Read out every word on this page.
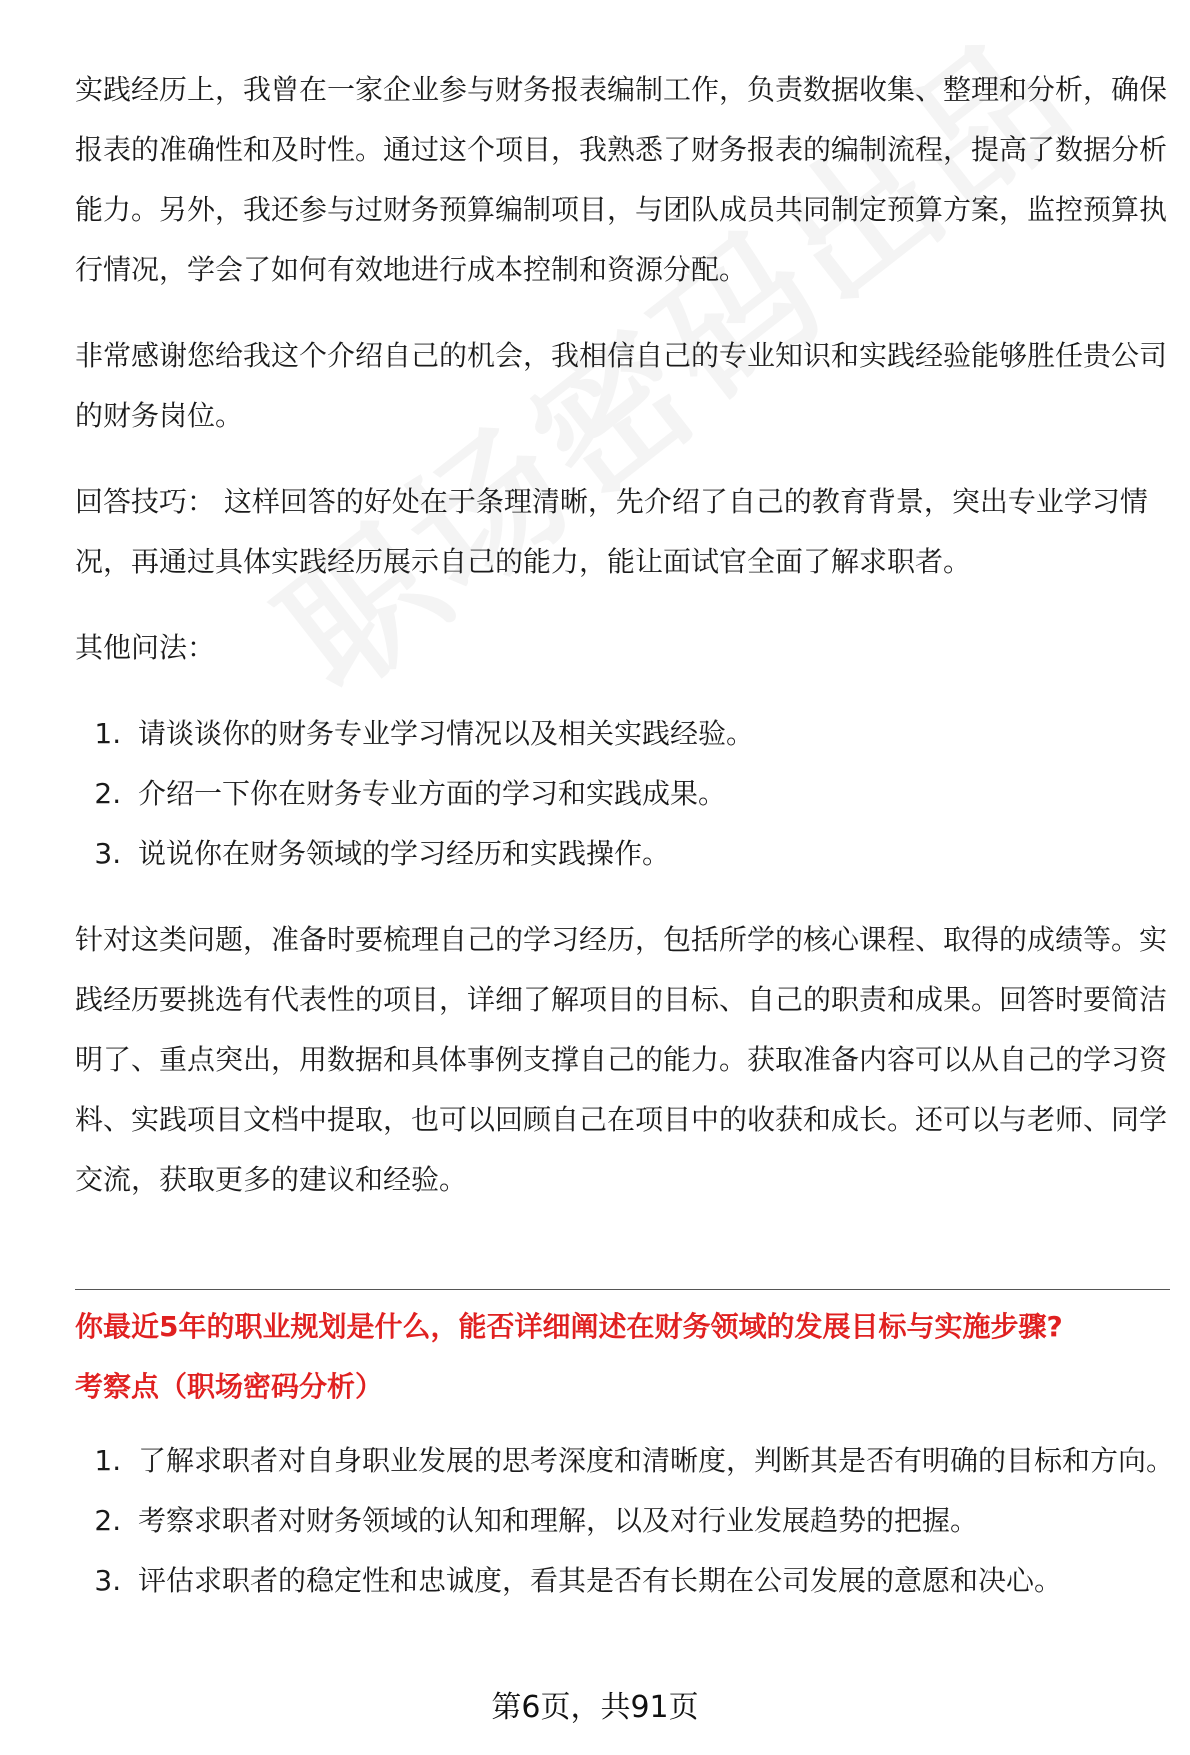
实践经历上，我曾在一家企业参与财务报表编制工作，负责数据收集、整理和分析，确保报表的准确性和及时性。通过这个项目，我熟悉了财务报表的编制流程，提高了数据分析能力。另外，我还参与过财务预算编制项目，与团队成员共同制定预算方案，监控预算执行情况，学会了如何有效地进行成本控制和资源分配。

非常感谢您给我这个介绍自己的机会，我相信自己的专业知识和实践经验能够胜任贵公司的财务岗位。

回答技巧： 这样回答的好处在于条理清晰，先介绍了自己的教育背景，突出专业学习情况，再通过具体实践经历展示自己的能力，能让面试官全面了解求职者。

其他问法：

1. 请谈谈你的财务专业学习情况以及相关实践经验。
2. 介绍一下你在财务专业方面的学习和实践成果。
3. 说说你在财务领域的学习经历和实践操作。

针对这类问题，准备时要梳理自己的学习经历，包括所学的核心课程、取得的成绩等。实践经历要挑选有代表性的项目，详细了解项目的目标、自己的职责和成果。回答时要简洁明了、重点突出，用数据和具体事例支撑自己的能力。获取准备内容可以从自己的学习资料、实践项目文档中提取，也可以回顾自己在项目中的收获和成长。还可以与老师、同学交流，获取更多的建议和经验。

你最近5年的职业规划是什么，能否详细阐述在财务领域的发展目标与实施步骤?

考察点（职场密码分析）

1. 了解求职者对自身职业发展的思考深度和清晰度，判断其是否有明确的目标和方向。
2. 考察求职者对财务领域的认知和理解，以及对行业发展趋势的把握。
3. 评估求职者的稳定性和忠诚度，看其是否有长期在公司发展的意愿和决心。
第6页，共91页
